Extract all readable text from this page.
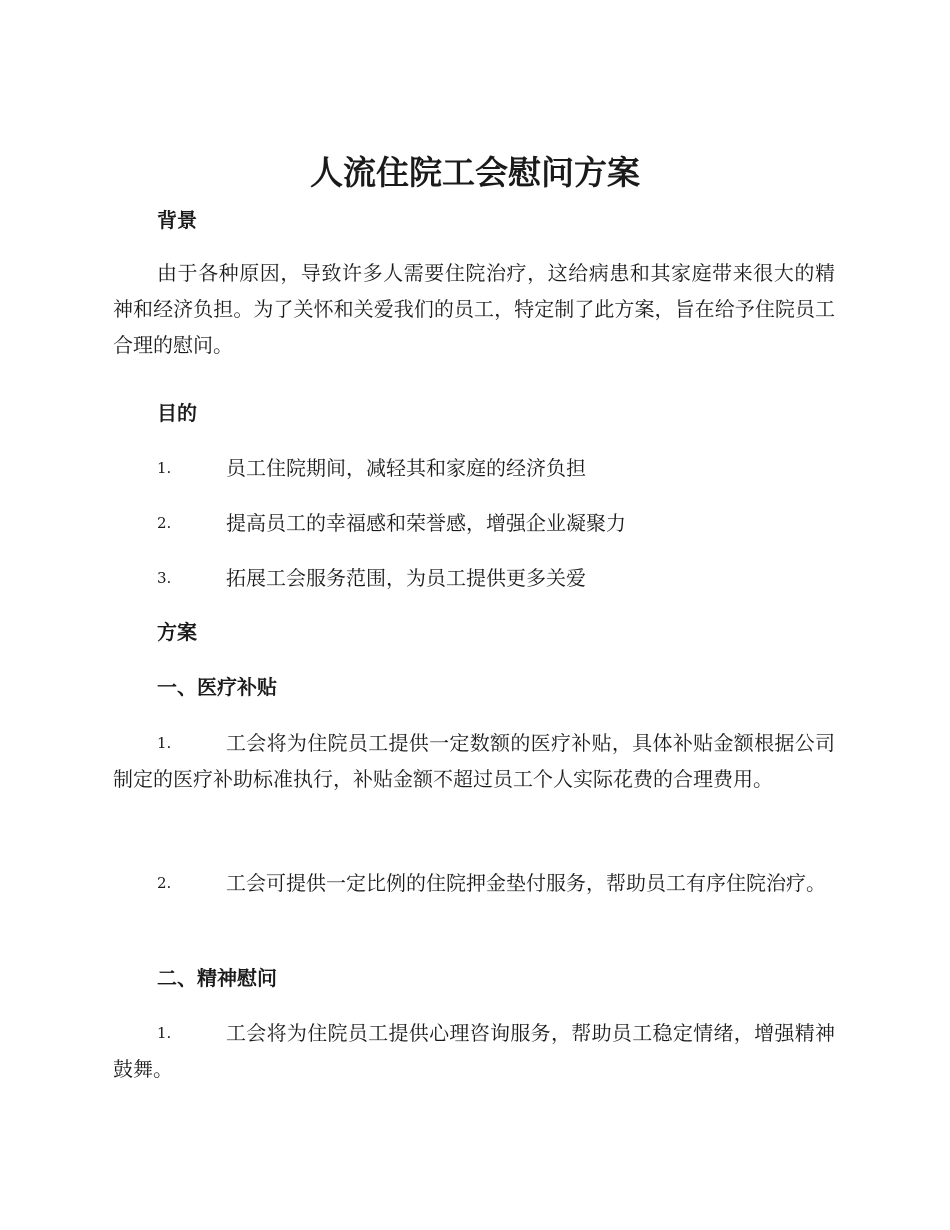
人流住院工会慰问方案
背景

由于各种原因，导致许多人需要住院治疗，这给病患和其家庭带来很大的精神和经济负担。为了关怀和关爱我们的员工，特定制了此方案，旨在给予住院员工合理的慰问。

目的
1.	员工住院期间，减轻其和家庭的经济负担
2.	提高员工的幸福感和荣誉感，增强企业凝聚力
3.	拓展工会服务范围，为员工提供更多关爱
方案
一、医疗补贴
1.	工会将为住院员工提供一定数额的医疗补贴，具体补贴金额根据公司制定的医疗补助标准执行，补贴金额不超过员工个人实际花费的合理费用。
2.	工会可提供一定比例的住院押金垫付服务，帮助员工有序住院治疗。
二、精神慰问
1.	工会将为住院员工提供心理咨询服务，帮助员工稳定情绪，增强精神鼓舞。
